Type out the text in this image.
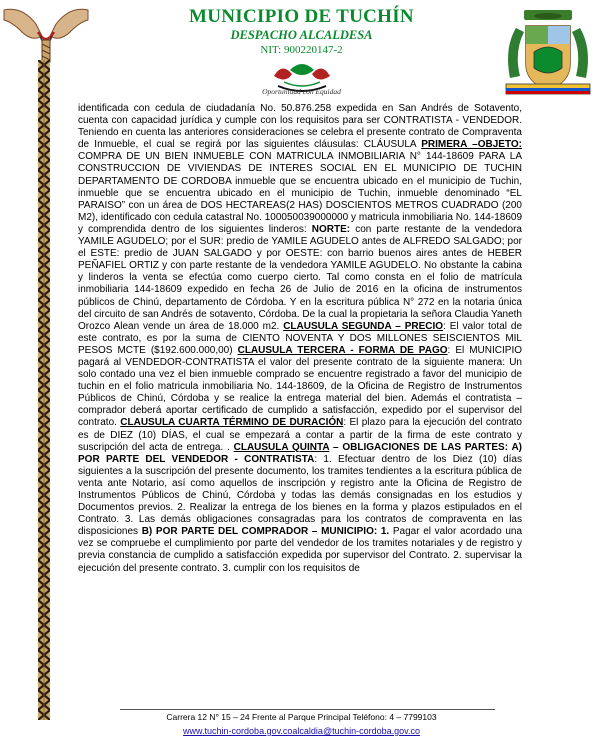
MUNICIPIO DE TUCHÍN
DESPACHO ALCALDESA
NIT: 900220147-2
Oportunidad con Equidad

identificada con cedula de ciudadanía No. 50.876.258 expedida en San Andrés de Sotavento, cuenta con capacidad jurídica y cumple con los requisitos para ser CONTRATISTA - VENDEDOR. Teniendo en cuenta las anteriores consideraciones se celebra el presente contrato de Compraventa de Inmueble, el cual se regirá por las siguientes cláusulas: CLÁUSULA PRIMERA –OBJETO: COMPRA DE UN BIEN INMUEBLE CON MATRICULA INMOBILIARIA N° 144-18609 PARA LA CONSTRUCCION DE VIVIENDAS DE INTERES SOCIAL EN EL MUNICIPIO DE TUCHIN DEPARTAMENTO DE CORDOBA inmueble que se encuentra ubicado en el municipio de Tuchin, inmueble que se encuentra ubicado en el municipio de Tuchin, inmueble denominado “EL PARAISO” con un área de DOS HECTAREAS(2 HAS) DOSCIENTOS METROS CUADRADO (200 M2), identificado con cedula catastral No. 100050039000000 y matricula inmobiliaria No. 144-18609 y comprendida dentro de los siguientes linderos: NORTE: con parte restante de la vendedora YAMILE AGUDELO; por el SUR: predio de YAMILE AGUDELO antes de ALFREDO SALGADO; por el ESTE: predio de JUAN SALGADO y por OESTE: con barrio buenos aires antes de HEBER PEÑAFIEL ORTIZ y con parte restante de la vendedora YAMILE AGUDELO. No obstante la cabina y linderos la venta se efectúa como cuerpo cierto. Tal como consta en el folio de matrícula inmobiliaria 144-18609 expedido en fecha 26 de Julio de 2016 en la oficina de instrumentos públicos de Chinú, departamento de Córdoba. Y en la escritura pública N° 272 en la notaria única del circuito de san Andrés de sotavento, Córdoba. De la cual la propietaria la señora Claudia Yaneth Orozco Alean vende un área de 18.000 m2. CLAUSULA SEGUNDA – PRECIO: El valor total de este contrato, es por la suma de CIENTO NOVENTA Y DOS MILLONES SEISCIENTOS MIL PESOS MCTE ($192.600.000,00) CLAUSULA TERCERA - FORMA DE PAGO: El MUNICIPIO pagará al VENDEDOR-CONTRATISTA el valor del presente contrato de la siguiente manera: Un solo contado una vez el bien inmueble comprado se encuentre registrado a favor del municipio de tuchin en el folio matricula inmobiliaria No. 144-18609, de la Oficina de Registro de Instrumentos Públicos de Chinú, Córdoba y se realice la entrega material del bien. Además el contratista – comprador deberá aportar certificado de cumplido a satisfacción, expedido por el supervisor del contrato. CLAUSULA CUARTA TÉRMINO DE DURACIÓN: El plazo para la ejecución del contrato es de DIEZ (10) DÍAS, el cual se empezará a contar a partir de la firma de este contrato y suscripción del acta de entrega. . CLAUSULA QUINTA – OBLIGACIONES DE LAS PARTES: A) POR PARTE DEL VENDEDOR - CONTRATISTA: 1. Efectuar dentro de los Diez (10) días siguientes a la suscripción del presente documento, los tramites tendientes a la escritura pública de venta ante Notario, así como aquellos de inscripción y registro ante la Oficina de Registro de Instrumentos Públicos de Chinú, Córdoba y todas las demás consignadas en los estudios y Documentos previos. 2. Realizar la entrega de los bienes en la forma y plazos estipulados en el Contrato. 3. Las demás obligaciones consagradas para los contratos de compraventa en las disposiciones B) POR PARTE DEL COMPRADOR – MUNICIPIO: 1. Pagar el valor acordado una vez se compruebe el cumplimiento por parte del vendedor de los tramites notariales y de registro y previa constancia de cumplido a satisfacción expedida por supervisor del Contrato. 2. supervisar la ejecución del presente contrato. 3. cumplir con los requisitos de

Carrera 12 N° 15 – 24 Frente al Parque Principal Teléfono: 4 – 7799103
www.tuchin-cordoba.gov.coalcaldia@tuchin-cordoba.gov.co
